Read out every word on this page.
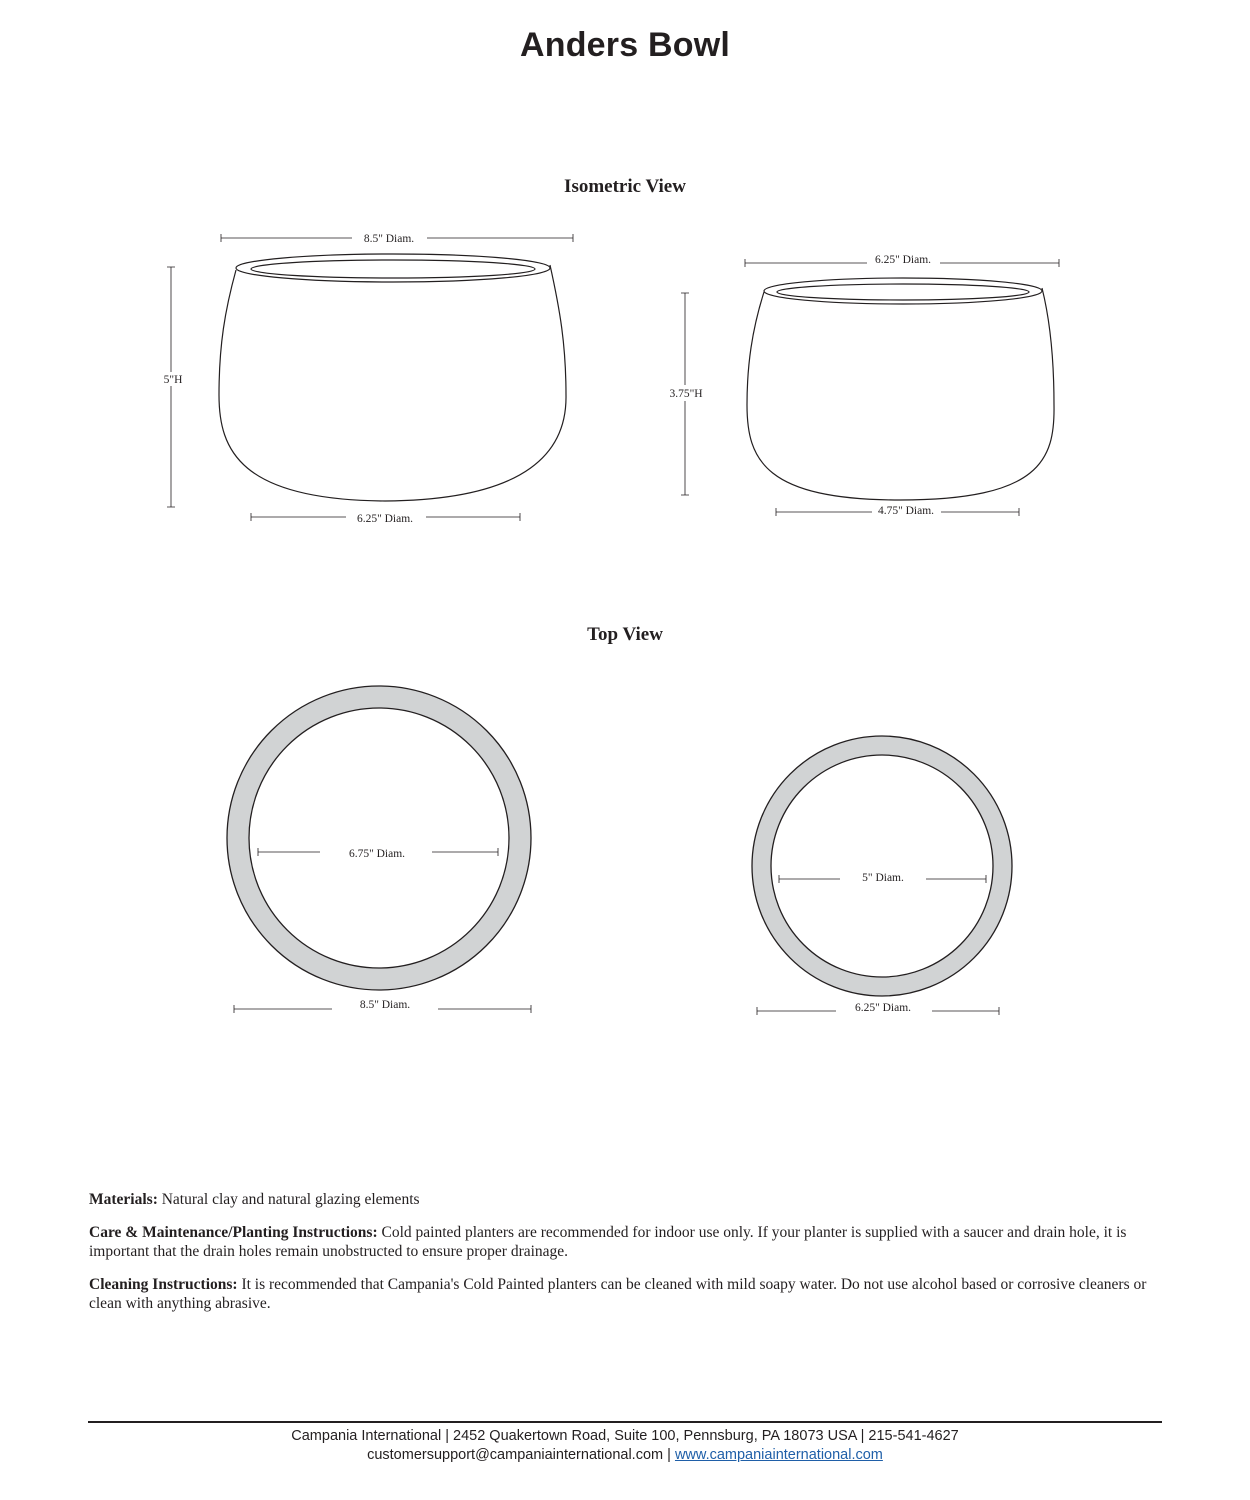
Anders Bowl
Isometric View
Top View
8.5" Diam.
6.25" Diam.
5"H
6.25" Diam.
4.75" Diam.
3.75"H
6.75" Diam.
8.5" Diam.
5" Diam.
6.25" Diam.

Materials: Natural clay and natural glazing elements

Care & Maintenance/Planting Instructions: Cold painted planters are recommended for indoor use only. If your planter is supplied with a saucer and drain hole, it is important that the drain holes remain unobstructed to ensure proper drainage.

Cleaning Instructions: It is recommended that Campania's Cold Painted planters can be cleaned with mild soapy water. Do not use alcohol based or corrosive cleaners or clean with anything abrasive.

Campania International | 2452 Quakertown Road, Suite 100, Pennsburg, PA 18073 USA | 215-541-4627
customersupport@campaniainternational.com | www.campaniainternational.com
